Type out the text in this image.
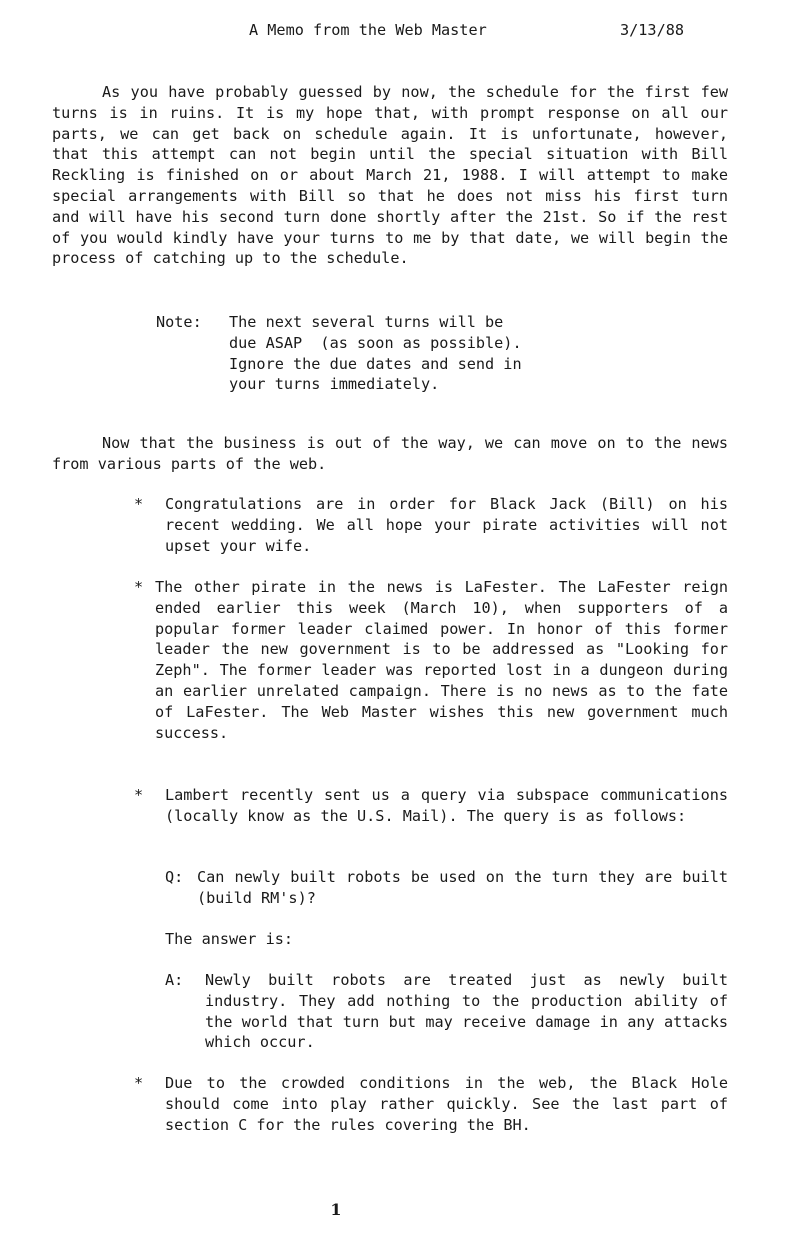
A Memo from the Web Master	3/13/88
As you have probably guessed by now, the schedule for the first few turns is in ruins. It is my hope that, with prompt response on all our parts, we can get back on schedule again. It is unfortunate, however, that this attempt can not begin until the special situation with Bill Reckling is finished on or about March 21, 1988. I will attempt to make special arrangements with Bill so that he does not miss his first turn and will have his second turn done shortly after the 21st. So if the rest of you would kindly have your turns to me by that date, we will begin the process of catching up to the schedule.
Note: The next several turns will be
due ASAP  (as soon as possible).
Ignore the due dates and send in
your turns immediately.
Now that the business is out of the way, we can move on to the news from various parts of the web.
* Congratulations are in order for Black Jack (Bill) on his recent wedding. We all hope your pirate activities will not upset your wife.
* The other pirate in the news is LaFester. The LaFester reign ended earlier this week (March 10), when supporters of a popular former leader claimed power. In honor of this former leader the new government is to be addressed as "Looking for Zeph". The former leader was reported lost in a dungeon during an earlier unrelated campaign. There is no news as to the fate of LaFester. The Web Master wishes this new government much success.
* Lambert recently sent us a query via subspace communications (locally know as the U.S. Mail). The query is as follows:
Q: Can newly built robots be used on the turn they are built (build RM's)?
The answer is:
A: Newly built robots are treated just as newly built industry. They add nothing to the production ability of the world that turn but may receive damage in any attacks which occur.
* Due to the crowded conditions in the web, the Black Hole should come into play rather quickly. See the last part of section C for the rules covering the BH.
1
